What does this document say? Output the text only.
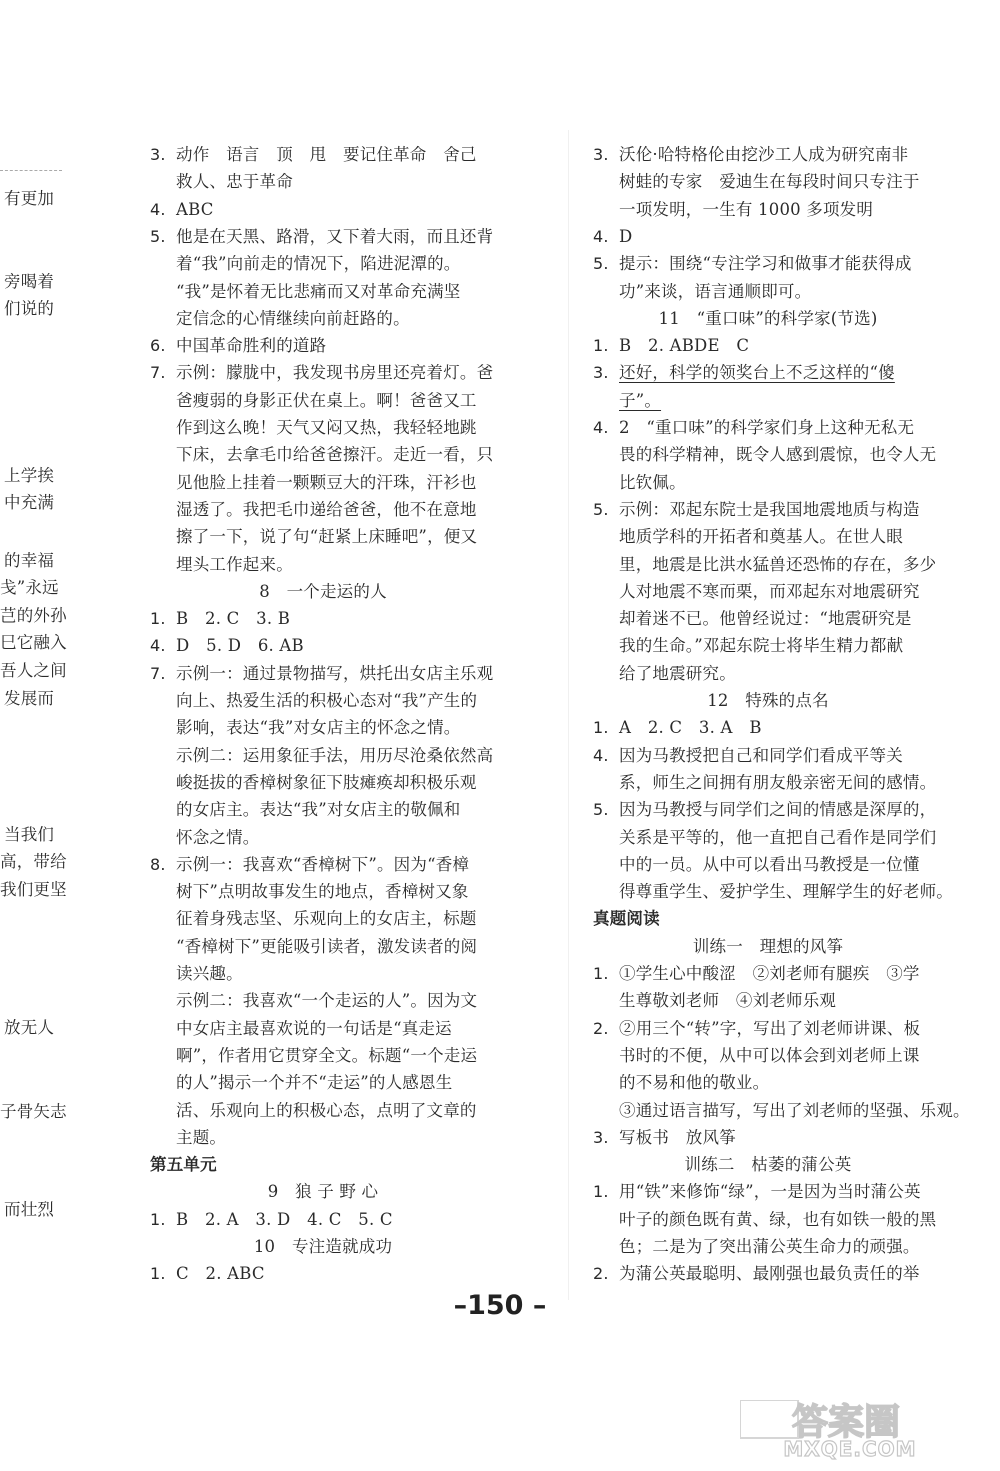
有更加
旁喝着
们说的
上学挨
中充满
的幸福
戋”永远
芑的外孙
巳它融入
吾人之间
发展而
当我们
高，带给
我们更坚
放无人
子骨矢志
而壮烈
3. 动作　语言　顶　甩　要记住革命　舍己
救人、忠于革命
4. ABC
5. 他是在天黑、路滑，又下着大雨，而且还背
着“我”向前走的情况下，陷进泥潭的。
“我”是怀着无比悲痛而又对革命充满坚
定信念的心情继续向前赶路的。
6. 中国革命胜利的道路
7. 示例：朦胧中，我发现书房里还亮着灯。爸
爸瘦弱的身影正伏在桌上。啊！爸爸又工
作到这么晚！天气又闷又热，我轻轻地跳
下床，去拿毛巾给爸爸擦汗。走近一看，只
见他脸上挂着一颗颗豆大的汗珠，汗衫也
湿透了。我把毛巾递给爸爸，他不在意地
擦了一下，说了句“赶紧上床睡吧”，便又
埋头工作起来。
8　一个走运的人
1. B　2. C　3. B
4. D　5. D　6. AB
7. 示例一：通过景物描写，烘托出女店主乐观
向上、热爱生活的积极心态对“我”产生的
影响，表达“我”对女店主的怀念之情。
示例二：运用象征手法，用历尽沧桑依然高
峻挺拔的香樟树象征下肢瘫痪却积极乐观
的女店主。表达“我”对女店主的敬佩和
怀念之情。
8. 示例一：我喜欢“香樟树下”。因为“香樟
树下”点明故事发生的地点，香樟树又象
征着身残志坚、乐观向上的女店主，标题
“香樟树下”更能吸引读者，激发读者的阅
读兴趣。
示例二：我喜欢“一个走运的人”。因为文
中女店主最喜欢说的一句话是“真走运
啊”，作者用它贯穿全文。标题“一个走运
的人”揭示一个并不“走运”的人感恩生
活、乐观向上的积极心态，点明了文章的
主题。
第五单元
9　狼 子 野 心
1. B　2. A　3. D　4. C　5. C
10　专注造就成功
1. C　2. ABC
3. 沃伦·哈特格伦由挖沙工人成为研究南非
树蛙的专家　爱迪生在每段时间只专注于
一项发明，一生有 1000 多项发明
4. D
5. 提示：围绕“专注学习和做事才能获得成
功”来谈，语言通顺即可。
11　“重口味”的科学家(节选)
1. B　2. ABDE　C
3. 还好，科学的领奖台上不乏这样的“傻
子”。
4. 2　“重口味”的科学家们身上这种无私无
畏的科学精神，既令人感到震惊，也令人无
比钦佩。
5. 示例：邓起东院士是我国地震地质与构造
地质学科的开拓者和奠基人。在世人眼
里，地震是比洪水猛兽还恐怖的存在，多少
人对地震不寒而栗，而邓起东对地震研究
却着迷不已。他曾经说过：“地震研究是
我的生命。”邓起东院士将毕生精力都献
给了地震研究。
12　特殊的点名
1. A　2. C　3. A　B
4. 因为马教授把自己和同学们看成平等关
系，师生之间拥有朋友般亲密无间的感情。
5. 因为马教授与同学们之间的情感是深厚的，
关系是平等的，他一直把自己看作是同学们
中的一员。从中可以看出马教授是一位懂
得尊重学生、爱护学生、理解学生的好老师。
真题阅读
训练一　理想的风筝
1. ①学生心中酸涩　②刘老师有腿疾　③学
生尊敬刘老师　④刘老师乐观
2. ②用三个“转”字，写出了刘老师讲课、板
书时的不便，从中可以体会到刘老师上课
的不易和他的敬业。
③通过语言描写，写出了刘老师的坚强、乐观。
3. 写板书　放风筝
训练二　枯萎的蒲公英
1. 用“铁”来修饰“绿”，一是因为当时蒲公英
叶子的颜色既有黄、绿，也有如铁一般的黑
色；二是为了突出蒲公英生命力的顽强。
2. 为蒲公英最聪明、最刚强也最负责任的举
–150 –
答案圈
MXQE.COM
